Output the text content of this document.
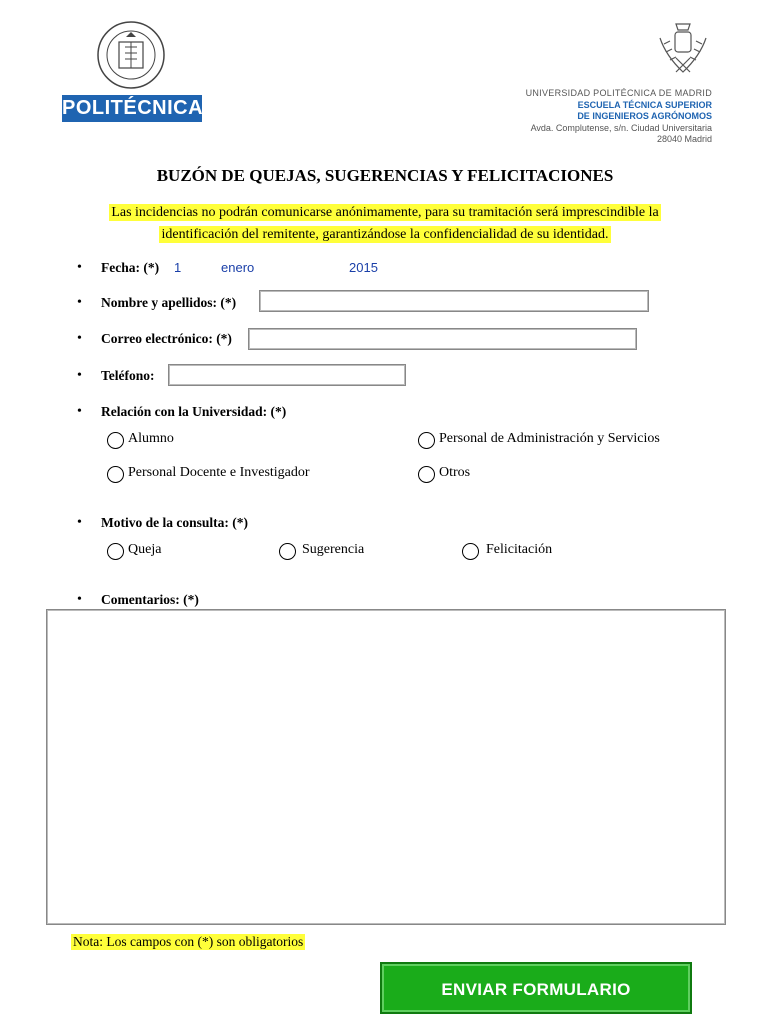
POLITÉCNICA
UNIVERSIDAD POLITÉCNICA DE MADRID
ESCUELA TÉCNICA SUPERIOR
DE INGENIEROS AGRÓNOMOS
Avda. Complutense, s/n. Ciudad Universitaria
28040 Madrid
BUZÓN DE QUEJAS, SUGERENCIAS Y FELICITACIONES
Las incidencias no podrán comunicarse anónimamente, para su tramitación será imprescindible la
identificación del remitente, garantizándose la confidencialidad de su identidad.
• Fecha: (*) 1	enero	2015
• Nombre y apellidos: (*)
• Correo electrónico: (*)
• Teléfono:
• Relación con la Universidad: (*)
Alumno	Personal de Administración y Servicios
Personal Docente e Investigador	Otros
• Motivo de la consulta: (*)
Queja	Sugerencia	Felicitación
• Comentarios: (*)
Nota: Los campos con (*) son obligatorios
ENVIAR FORMULARIO
